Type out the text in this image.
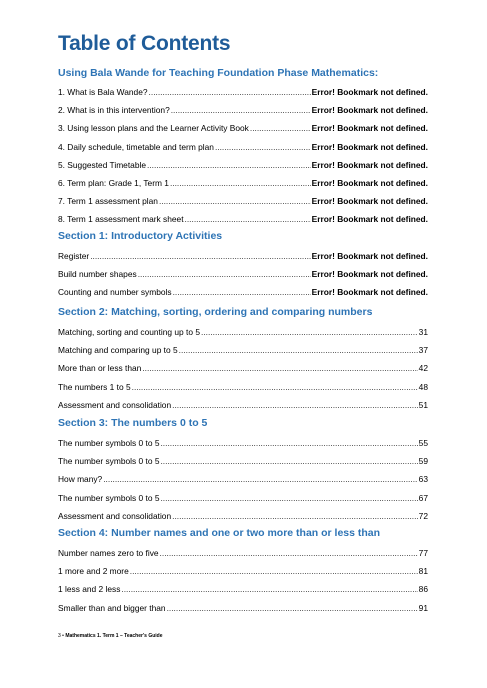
Table of Contents
Using Bala Wande for Teaching Foundation Phase Mathematics:
1. What is Bala Wande? .....	Error! Bookmark not defined.
2. What is in this intervention? .....	Error! Bookmark not defined.
3. Using lesson plans and the Learner Activity Book .....	Error! Bookmark not defined.
4. Daily schedule, timetable and term plan .....	Error! Bookmark not defined.
5. Suggested Timetable .....	Error! Bookmark not defined.
6. Term plan: Grade 1, Term 1 .....	Error! Bookmark not defined.
7. Term 1 assessment plan .....	Error! Bookmark not defined.
8. Term 1 assessment mark sheet .....	Error! Bookmark not defined.
Section 1: Introductory Activities
Register .....	Error! Bookmark not defined.
Build number shapes .....	Error! Bookmark not defined.
Counting and number symbols .....	Error! Bookmark not defined.
Section 2: Matching, sorting, ordering and comparing numbers
Matching, sorting and counting up to 5 .....	31
Matching and comparing up to 5 .....	37
More than or less than .....	42
The numbers 1 to 5 .....	48
Assessment and consolidation .....	51
Section 3: The numbers 0 to 5
The number symbols 0 to 5 .....	55
The number symbols 0 to 5 .....	59
How many? .....	63
The number symbols 0 to 5 .....	67
Assessment and consolidation .....	72
Section 4: Number names and one or two more than or less than
Number names zero to five .....	77
1 more and 2 more .....	81
1 less and 2 less .....	86
Smaller than and bigger than .....	91
3 • Mathematics 1. Term 1 – Teacher's Guide
